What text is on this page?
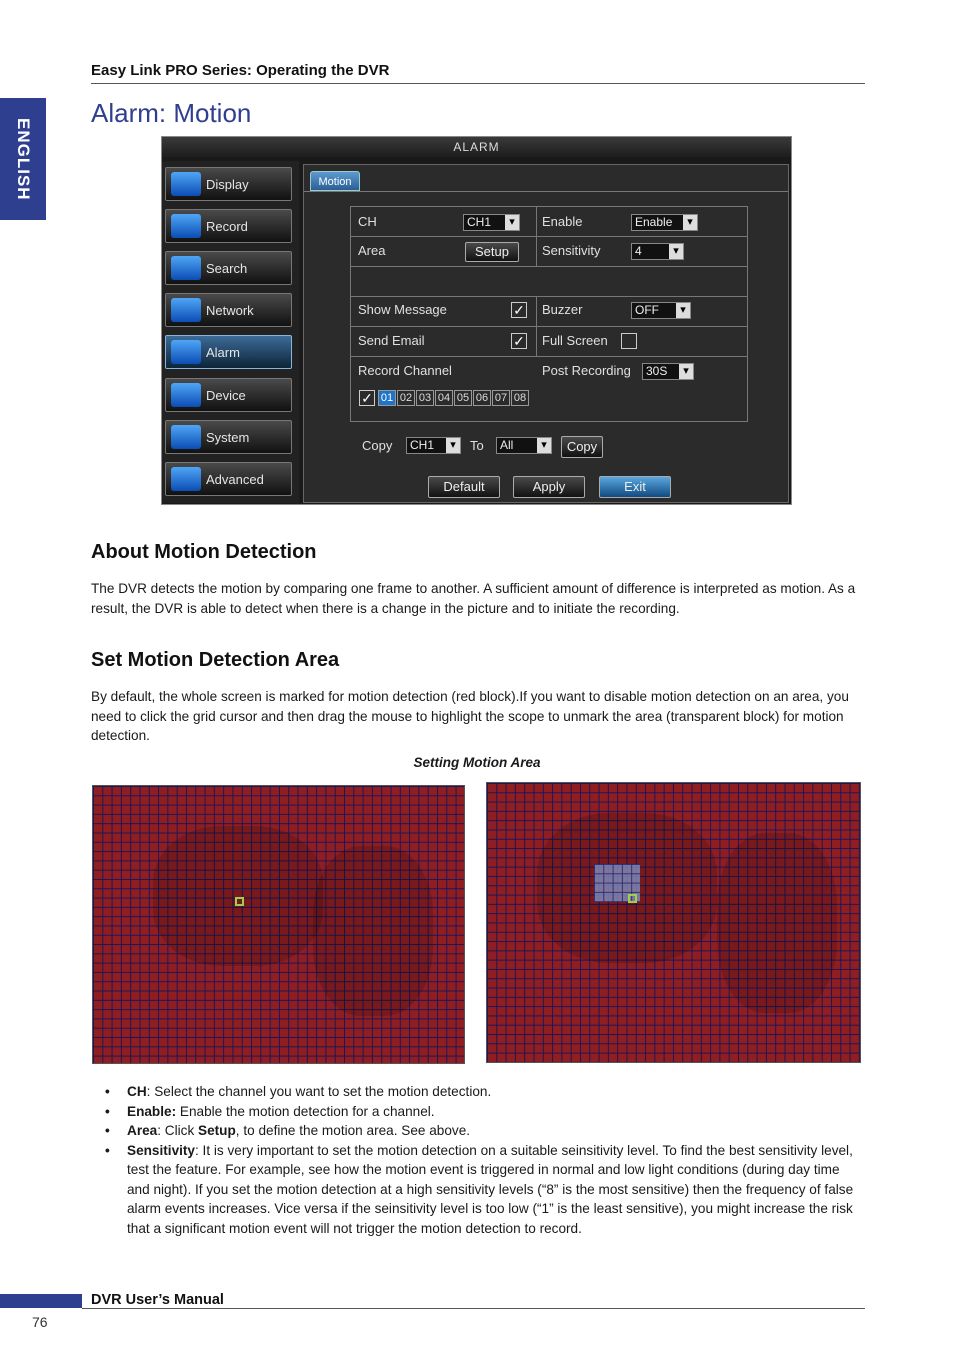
ENGLISH
Easy Link PRO Series: Operating the DVR
Alarm: Motion
ALARM
Display
Record
Search
Network
Alarm
Device
System
Advanced
Motion
CH	CH1 ▾	Enable	Enable ▾
Area	Setup	Sensitivity	4 ▾
Show Message	✓ Buzzer	OFF ▾
Send Email	✓ Full Screen
Record Channel	Post Recording	30S ▾
✓ 01 02 03 04 05 06 07 08
Copy	CH1 ▾	To	All ▾	Copy
Default	Apply	Exit
About Motion Detection
The DVR detects the motion by comparing one frame to another. A sufficient amount of difference is interpreted as motion. As a result, the DVR is able to detect when there is a change in the picture and to initiate the recording.
Set Motion Detection Area
By default, the whole screen is marked for motion detection (red block).If you want to disable motion detection on an area, you need to click the grid cursor and then drag the mouse to highlight the scope to unmark the area (transparent block) for motion detection.
Setting Motion Area
• CH: Select the channel you want to set the motion detection.
• Enable: Enable the motion detection for a channel.
• Area: Click Setup, to define the motion area. See above.
• Sensitivity: It is very important to set the motion detection on a suitable seinsitivity level. To find the best sensitivity level, test the feature. For example, see how the motion event is triggered in normal and low light conditions (during day time and night). If you set the motion detection at a high sensitivity levels (“8” is the most sensitive) then the frequency of false alarm events increases. Vice versa if the seinsitivity level is too low (“1” is the least sensitive), you might increase the risk that a significant motion event will not trigger the motion detection to record.
DVR User’s Manual
76
